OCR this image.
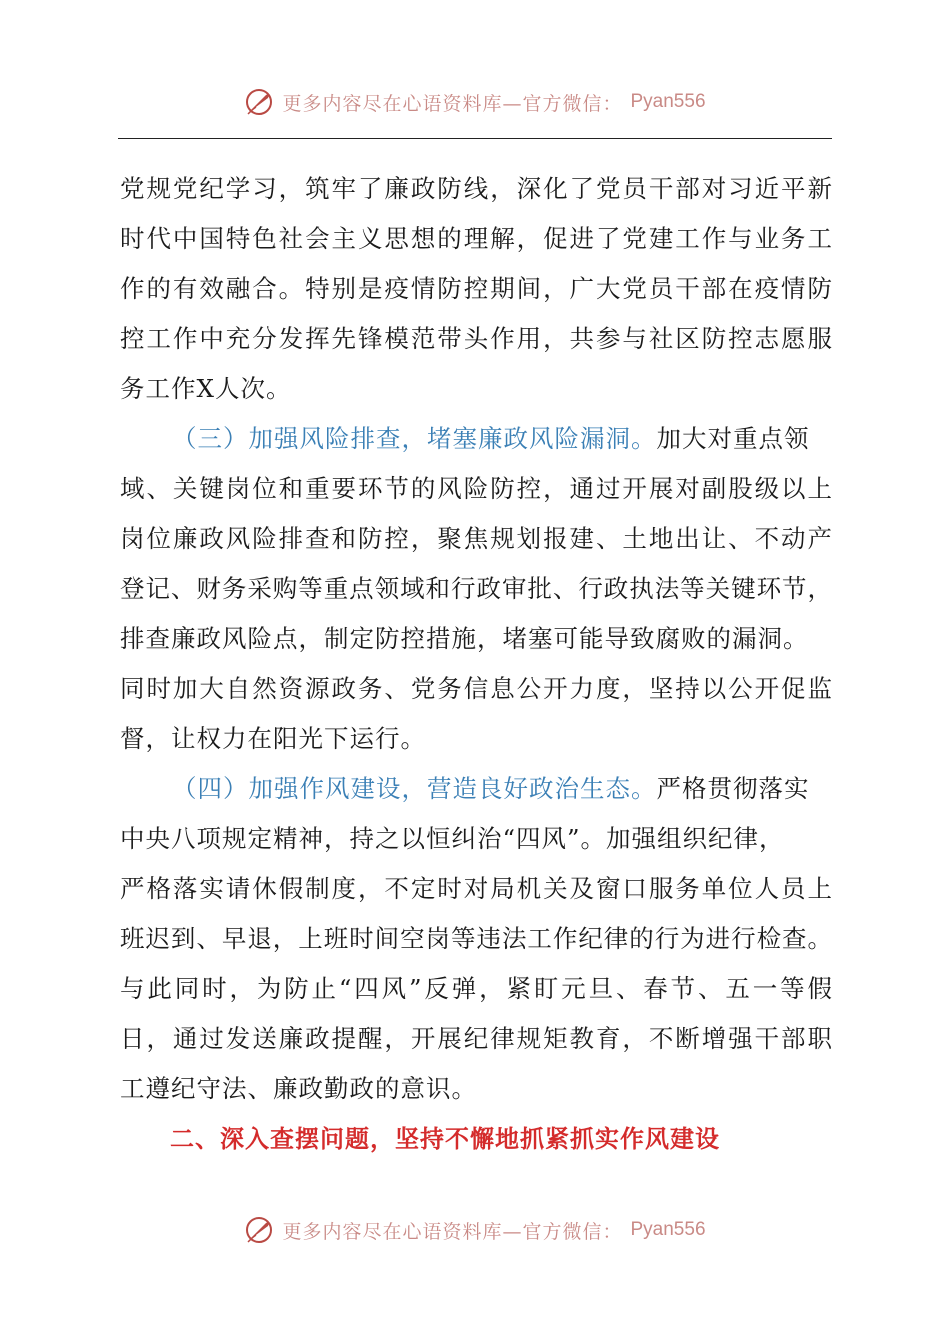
更多内容尽在心语资料库—官方微信： Pyan556
党规党纪学习，筑牢了廉政防线，深化了党员干部对习近平新
时代中国特色社会主义思想的理解，促进了党建工作与业务工
作的有效融合。特别是疫情防控期间，广大党员干部在疫情防
控工作中充分发挥先锋模范带头作用，共参与社区防控志愿服
务工作X人次。
（三）加强风险排查，堵塞廉政风险漏洞。加大对重点领
域、关键岗位和重要环节的风险防控，通过开展对副股级以上
岗位廉政风险排查和防控，聚焦规划报建、土地出让、不动产
登记、财务采购等重点领域和行政审批、行政执法等关键环节，
排查廉政风险点，制定防控措施，堵塞可能导致腐败的漏洞。
同时加大自然资源政务、党务信息公开力度，坚持以公开促监
督，让权力在阳光下运行。
（四）加强作风建设，营造良好政治生态。严格贯彻落实
中央八项规定精神，持之以恒纠治“四风”。加强组织纪律，
严格落实请休假制度，不定时对局机关及窗口服务单位人员上
班迟到、早退，上班时间空岗等违法工作纪律的行为进行检查。
与此同时，为防止“四风”反弹，紧盯元旦、春节、五一等假
日，通过发送廉政提醒，开展纪律规矩教育，不断增强干部职
工遵纪守法、廉政勤政的意识。
二、深入查摆问题，坚持不懈地抓紧抓实作风建设
更多内容尽在心语资料库—官方微信： Pyan556
